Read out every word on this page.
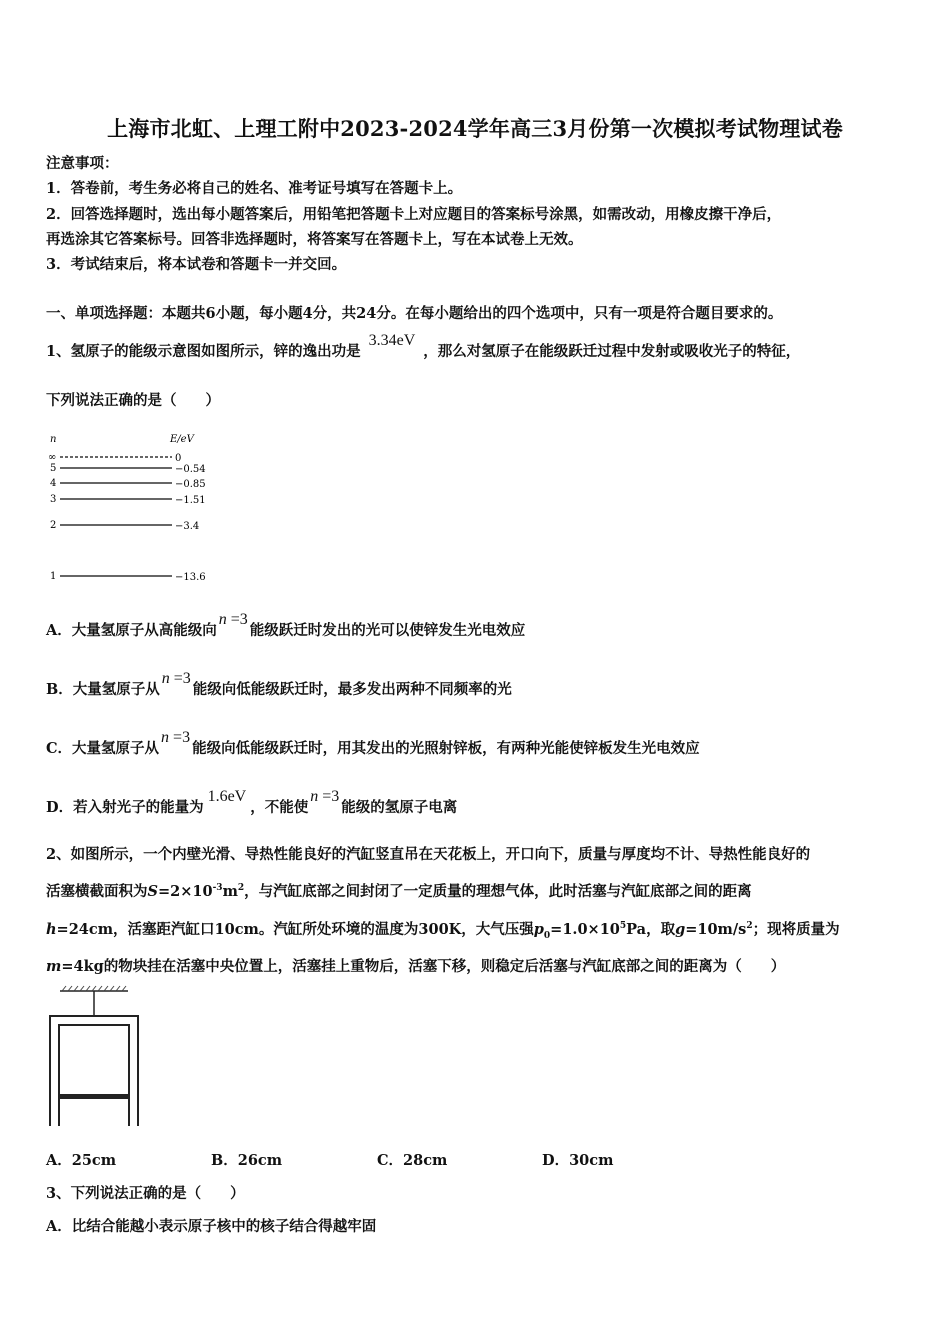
上海市北虹、上理工附中2023-2024学年高三3月份第一次模拟考试物理试卷
注意事项：
1．答卷前，考生务必将自己的姓名、准考证号填写在答题卡上。
2．回答选择题时，选出每小题答案后，用铅笔把答题卡上对应题目的答案标号涂黑，如需改动，用橡皮擦干净后，
再选涂其它答案标号。回答非选择题时，将答案写在答题卡上，写在本试卷上无效。
3．考试结束后，将本试卷和答题卡一并交回。
一、单项选择题：本题共6小题，每小题4分，共24分。在每小题给出的四个选项中，只有一项是符合题目要求的。
1、氢原子的能级示意图如图所示，锌的逸出功是3.34eV，那么对氢原子在能级跃迁过程中发射或吸收光子的特征，
下列说法正确的是（　　）
n	E/eV
∞	0
5	−0.54
4	−0.85
3	−1.51
2	−3.4
1	−13.6
A．大量氢原子从高能级向n =3能级跃迁时发出的光可以使锌发生光电效应
B．大量氢原子从n =3能级向低能级跃迁时，最多发出两种不同频率的光
C．大量氢原子从n =3能级向低能级跃迁时，用其发出的光照射锌板，有两种光能使锌板发生光电效应
D．若入射光子的能量为1.6eV，不能使n =3能级的氢原子电离
2、如图所示，一个内壁光滑、导热性能良好的汽缸竖直吊在天花板上，开口向下，质量与厚度均不计、导热性能良好的
活塞横截面积为$S=2\times 10^{-3}m^2$，与汽缸底部之间封闭了一定质量的理想气体，此时活塞与汽缸底部之间的距离
h=24cm，活塞距汽缸口10cm。汽缸所处环境的温度为300K，大气压强$p_0=1.0\times 10^5Pa$，取$g=10m/s^2$；现将质量为
m=4kg的物块挂在活塞中央位置上，活塞挂上重物后，活塞下移，则稳定后活塞与汽缸底部之间的距离为（　　）
A．25cm	B．26cm	C．28cm	D．30cm
3、下列说法正确的是（　　）
A．比结合能越小表示原子核中的核子结合得越牢固
